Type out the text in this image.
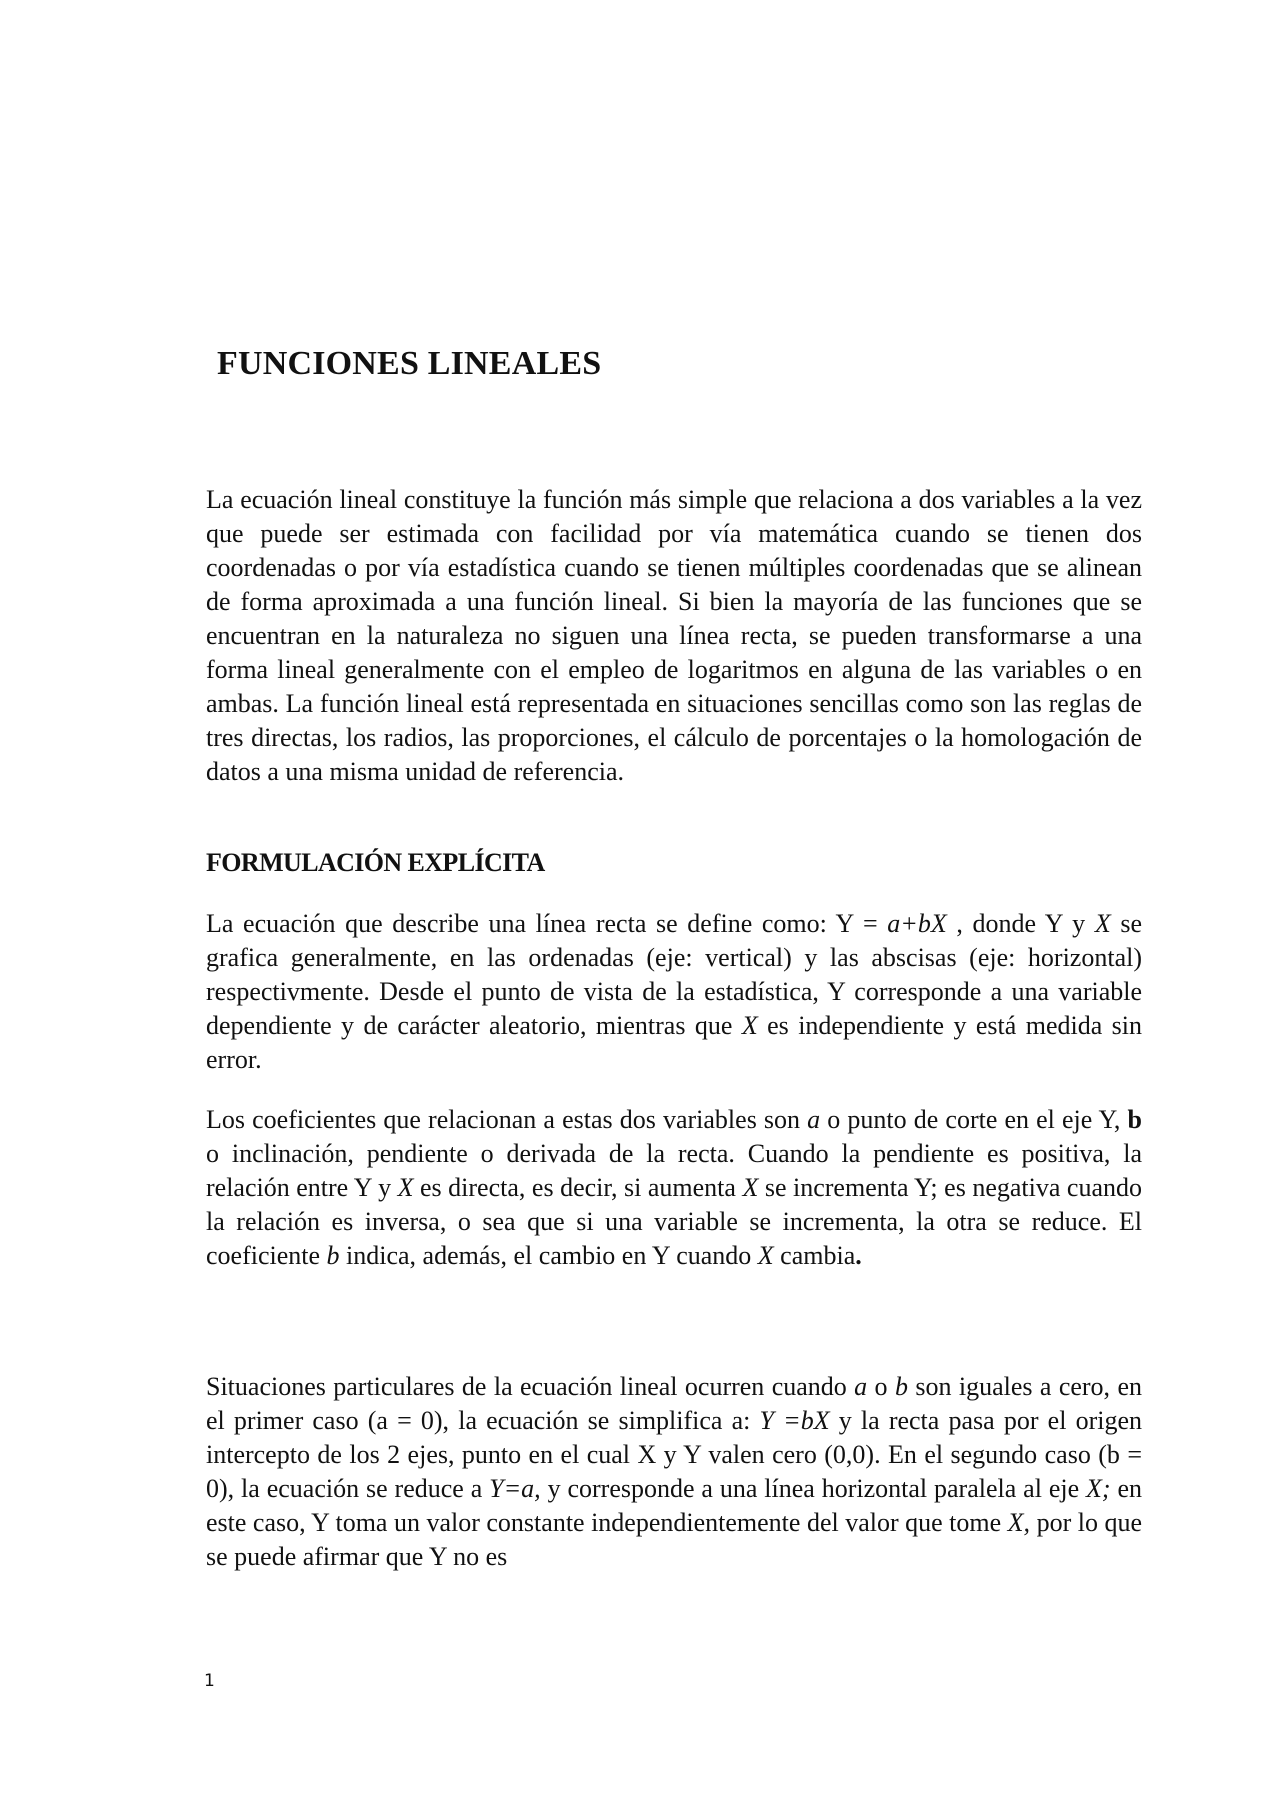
FUNCIONES LINEALES

La ecuación lineal constituye la función más simple que relaciona a dos variables a la vez que puede ser estimada con facilidad por vía matemática cuando se tienen dos coordenadas o por vía estadística cuando se tienen múltiples coordenadas que se alinean de forma aproximada a una función lineal. Si bien la mayoría de las funciones que se encuentran en la naturaleza no siguen una línea recta, se pueden transformarse a una forma lineal generalmente con el empleo de logaritmos en alguna de las variables o en ambas. La función lineal está representada en situaciones sencillas como son las reglas de tres directas, los radios, las proporciones, el cálculo de porcentajes o la homologación de datos a una misma unidad de referencia.

FORMULACIÓN EXPLÍCITA

La ecuación que describe una línea recta se define como: Y = a+bX , donde Y y X se grafica generalmente, en las ordenadas (eje: vertical) y las abscisas (eje: horizontal) respectivmente. Desde el punto de vista de la estadística, Y corresponde a una variable dependiente y de carácter aleatorio, mientras que X es independiente y está medida sin error.

Los coeficientes que relacionan a estas dos variables son a o punto de corte en el eje Y, b o inclinación, pendiente o derivada de la recta. Cuando la pendiente es positiva, la relación entre Y y X es directa, es decir, si aumenta X se incrementa Y; es negativa cuando la relación es inversa, o sea que si una variable se incrementa, la otra se reduce. El coeficiente b indica, además, el cambio en Y cuando X cambia.

Situaciones particulares de la ecuación lineal ocurren cuando a o b son iguales a cero, en el primer caso (a = 0), la ecuación se simplifica a: Y =bX y la recta pasa por el origen intercepto de los 2 ejes, punto en el cual X y Y valen cero (0,0). En el segundo caso (b = 0), la ecuación se reduce a Y=a, y corresponde a una línea horizontal paralela al eje X; en este caso, Y toma un valor constante independientemente del valor que tome X, por lo que se puede afirmar que Y no es

1
